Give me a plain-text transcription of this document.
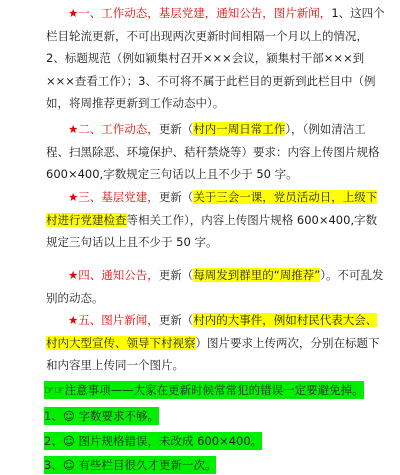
★一、工作动态，基层党建，通知公告，图片新闻，1、这四个栏目轮流更新，不可出现两次更新时间相隔一个月以上的情况，2、标题规范（例如颍集村召开×××会议，颍集村干部×××到×××查看工作）；3、不可将不属于此栏目的更新到此栏目中（例如，将周推荐更新到工作动态中）。

★二、工作动态，更新（村内一周日常工作），（例如清洁工程、扫黑除恶、环境保护、秸秆禁烧等）要求：内容上传图片规格 600×400,字数规定三句话以上且不少于 50 字。

★三、基层党建，更新（关于三会一课，党员活动日，上级下村进行党建检查等相关工作），内容上传图片规格 600×400,字数规定三句话以上且不少于 50 字。

★四、通知公告，更新（每周发到群里的“周推荐”）。不可乱发别的动态。

★五、图片新闻，更新（村内的大事件，例如村民代表大会、村内大型宣传、领导下村视察）图片要求上传两次，分别在标题下和内容里上传同一个图片。

☞☞注意事项——大家在更新时候常常犯的错误一定要避免掉。
1、☺ 字数要求不够。
2、☺ 图片规格错误，未改成 600×400。
3、☺ 有些栏目很久才更新一次。
